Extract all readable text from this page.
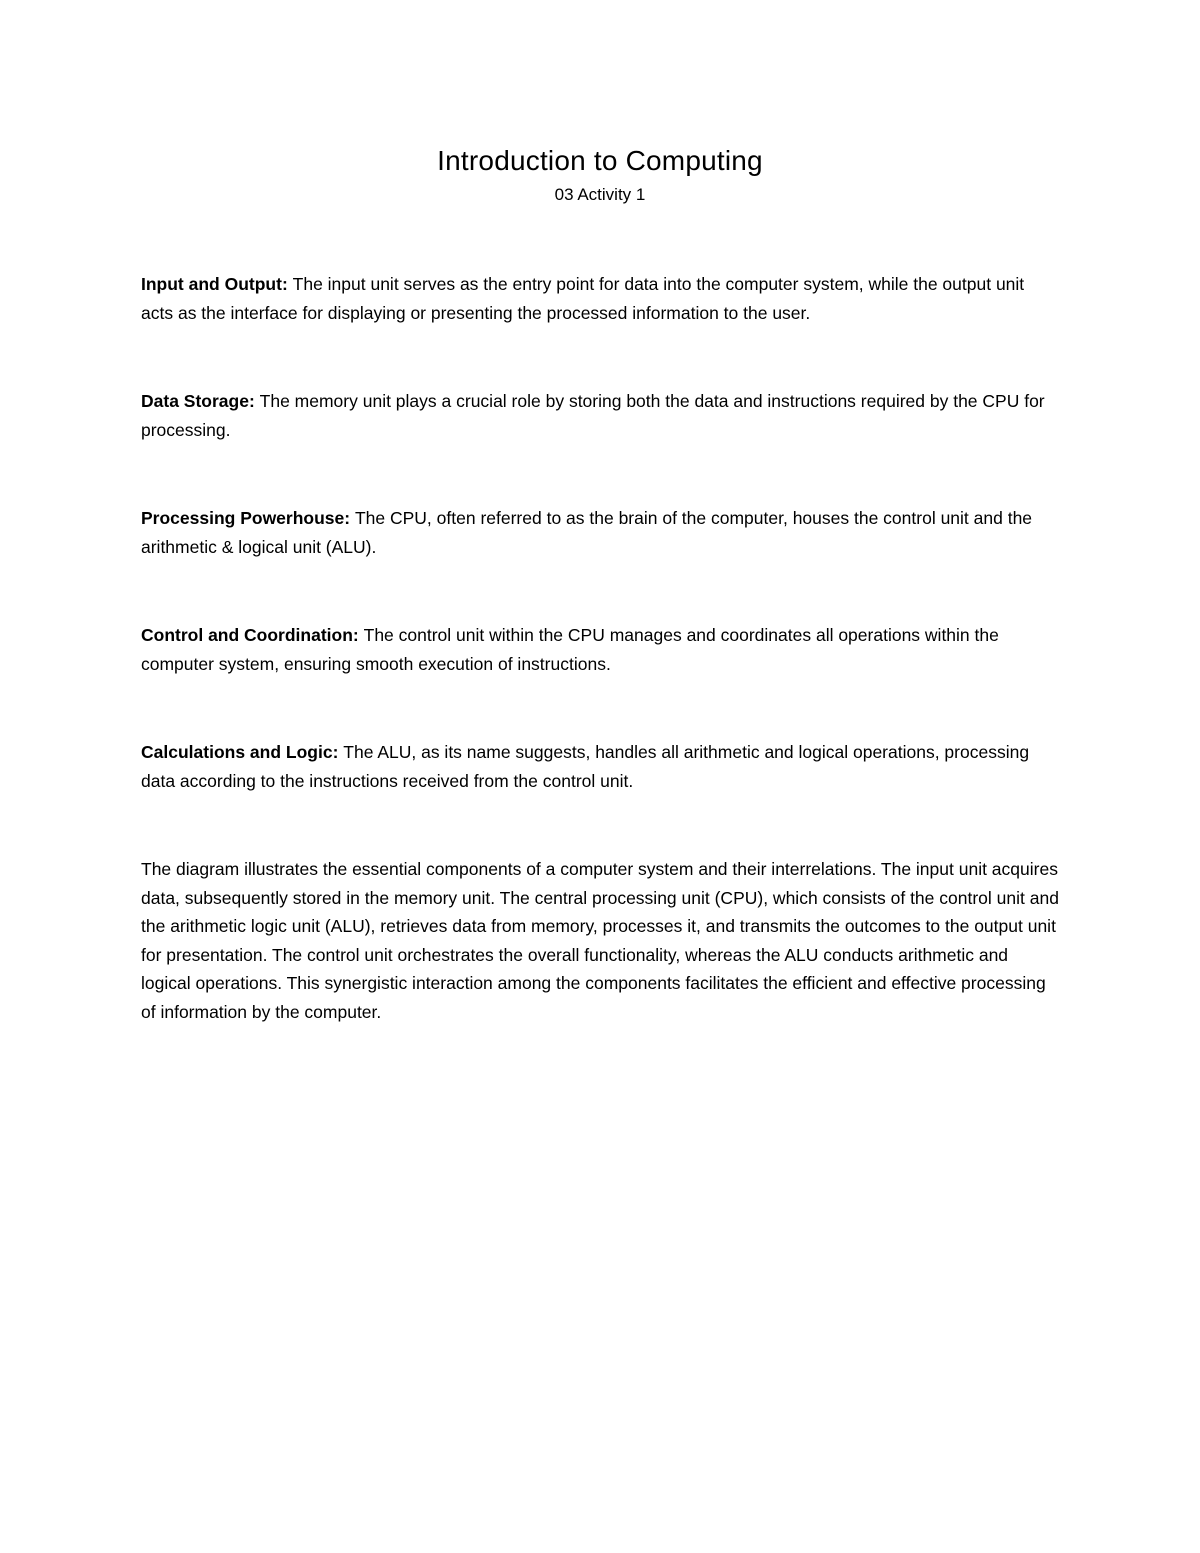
Introduction to Computing
03 Activity 1

Input and Output: The input unit serves as the entry point for data into the computer system, while the output unit acts as the interface for displaying or presenting the processed information to the user.

Data Storage: The memory unit plays a crucial role by storing both the data and instructions required by the CPU for processing.

Processing Powerhouse: The CPU, often referred to as the brain of the computer, houses the control unit and the arithmetic & logical unit (ALU).

Control and Coordination: The control unit within the CPU manages and coordinates all operations within the computer system, ensuring smooth execution of instructions.

Calculations and Logic: The ALU, as its name suggests, handles all arithmetic and logical operations, processing data according to the instructions received from the control unit.

The diagram illustrates the essential components of a computer system and their interrelations. The input unit acquires data, subsequently stored in the memory unit. The central processing unit (CPU), which consists of the control unit and the arithmetic logic unit (ALU), retrieves data from memory, processes it, and transmits the outcomes to the output unit for presentation. The control unit orchestrates the overall functionality, whereas the ALU conducts arithmetic and logical operations. This synergistic interaction among the components facilitates the efficient and effective processing of information by the computer.
